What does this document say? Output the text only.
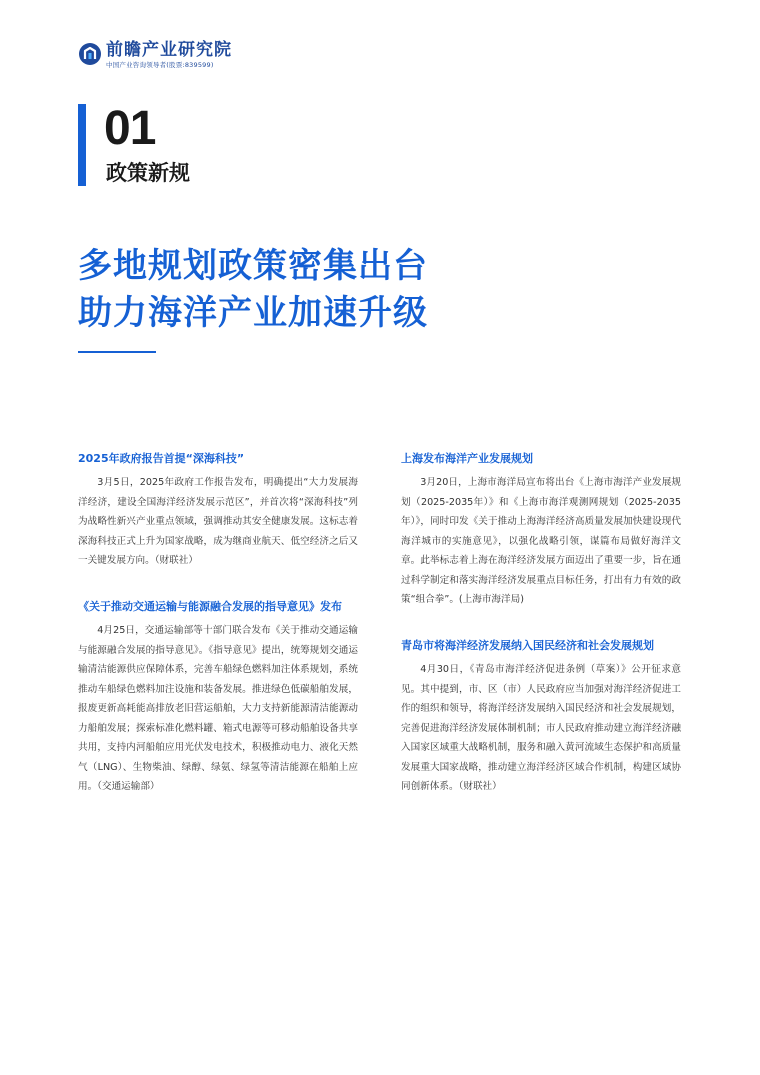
前瞻产业研究院
中国产业咨询领导者(股票:839599)
01
政策新规
多地规划政策密集出台
助力海洋产业加速升级
2025年政府报告首提“深海科技”

3月5日，2025年政府工作报告发布，明确提出“大力发展海洋经济，建设全国海洋经济发展示范区”，并首次将“深海科技”列为战略性新兴产业重点领域，强调推动其安全健康发展。这标志着深海科技正式上升为国家战略，成为继商业航天、低空经济之后又一关键发展方向。（财联社）

《关于推动交通运输与能源融合发展的指导意见》发布

4月25日，交通运输部等十部门联合发布《关于推动交通运输与能源融合发展的指导意见》。《指导意见》提出，统筹规划交通运输清洁能源供应保障体系，完善车船绿色燃料加注体系规划，系统推动车船绿色燃料加注设施和装备发展。推进绿色低碳船舶发展，报废更新高耗能高排放老旧营运船舶，大力支持新能源清洁能源动力船舶发展；探索标准化燃料罐、箱式电源等可移动船舶设备共享共用，支持内河船舶应用光伏发电技术，积极推动电力、液化天然气（LNG）、生物柴油、绿醇、绿氨、绿氢等清洁能源在船舶上应用。（交通运输部）

上海发布海洋产业发展规划

3月20日，上海市海洋局宣布将出台《上海市海洋产业发展规划（2025-2035年）》和《上海市海洋观测网规划（2025-2035年）》，同时印发《关于推动上海海洋经济高质量发展加快建设现代海洋城市的实施意见》，以强化战略引领，谋篇布局做好海洋文章。此举标志着上海在海洋经济发展方面迈出了重要一步，旨在通过科学制定和落实海洋经济发展重点目标任务，打出有力有效的政策“组合拳”。(上海市海洋局)

青岛市将海洋经济发展纳入国民经济和社会发展规划

4月30日，《青岛市海洋经济促进条例（草案）》公开征求意见。其中提到，市、区（市）人民政府应当加强对海洋经济促进工作的组织和领导，将海洋经济发展纳入国民经济和社会发展规划，完善促进海洋经济发展体制机制；市人民政府推动建立海洋经济融入国家区域重大战略机制，服务和融入黄河流域生态保护和高质量发展重大国家战略，推动建立海洋经济区域合作机制，构建区域协同创新体系。（财联社）
